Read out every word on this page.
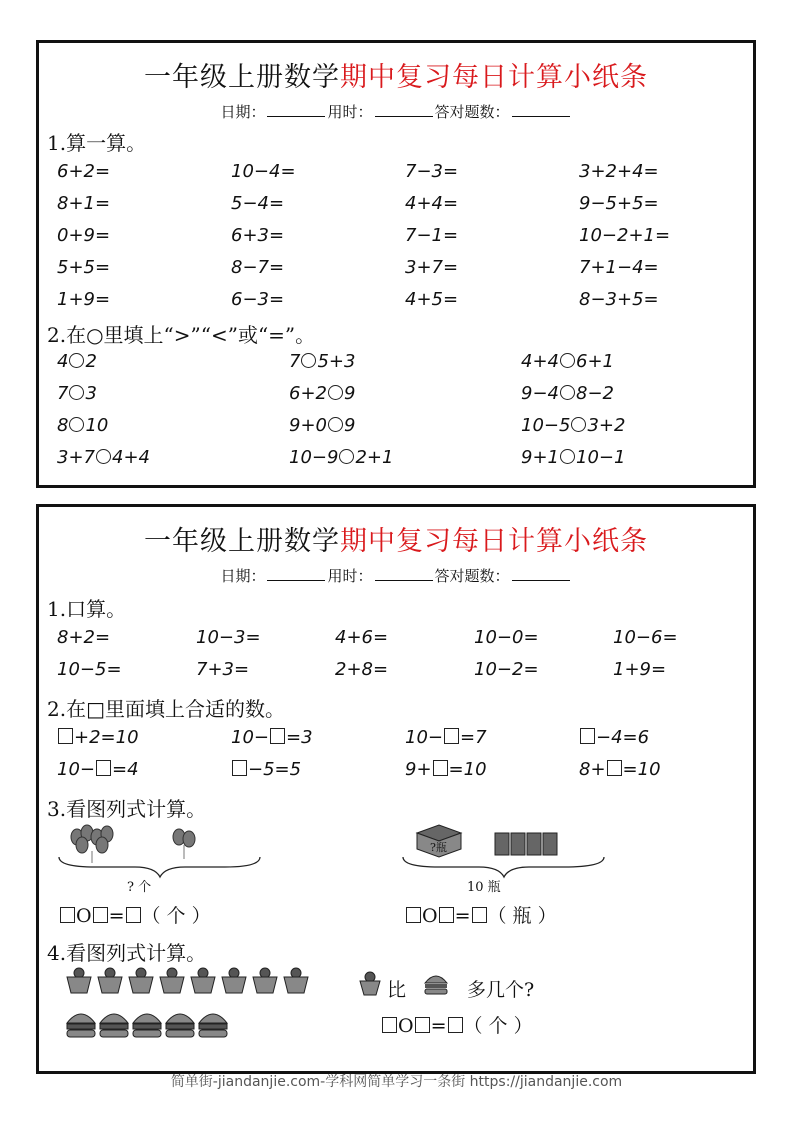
一年级上册数学期中复习每日计算小纸条
日期：	用时：	答对题数：
1.算一算。
6+2=	10−4=	7−3=	3+2+4=
8+1=	5−4=	4+4=	9−5+5=
0+9=	6+3=	7−1=	10−2+1=
5+5=	8−7=	3+7=	7+1−4=
1+9=	6−3=	4+5=	8−3+5=
2.在○里填上“>”“<”或“=”。
4 2	7 5+3	4+4 6+1
7 3	6+2 9	9−4 8−2
8 10	9+0 9	10−5 3+2
3+7 4+4	10−9 2+1	9+1 10−1
一年级上册数学期中复习每日计算小纸条
日期：	用时：	答对题数：
1.口算。
8+2=	10−3=	4+6=	10−0=	10−6=
10−5=	7+3=	2+8=	10−2=	1+9=
2.在□里面填上合适的数。
+2=10	10− =3	10− =7	−4=6
10− =4	−5=5	9+ =10	8+ =10
3.看图列式计算。
? 个
?瓶
10 瓶
O = （ 个 ）	O = （ 瓶 ）
4.看图列式计算。
比	多几个?
O = （ 个 ）
简单街-jiandanjie.com-学科网简单学习一条街 https://jiandanjie.com
